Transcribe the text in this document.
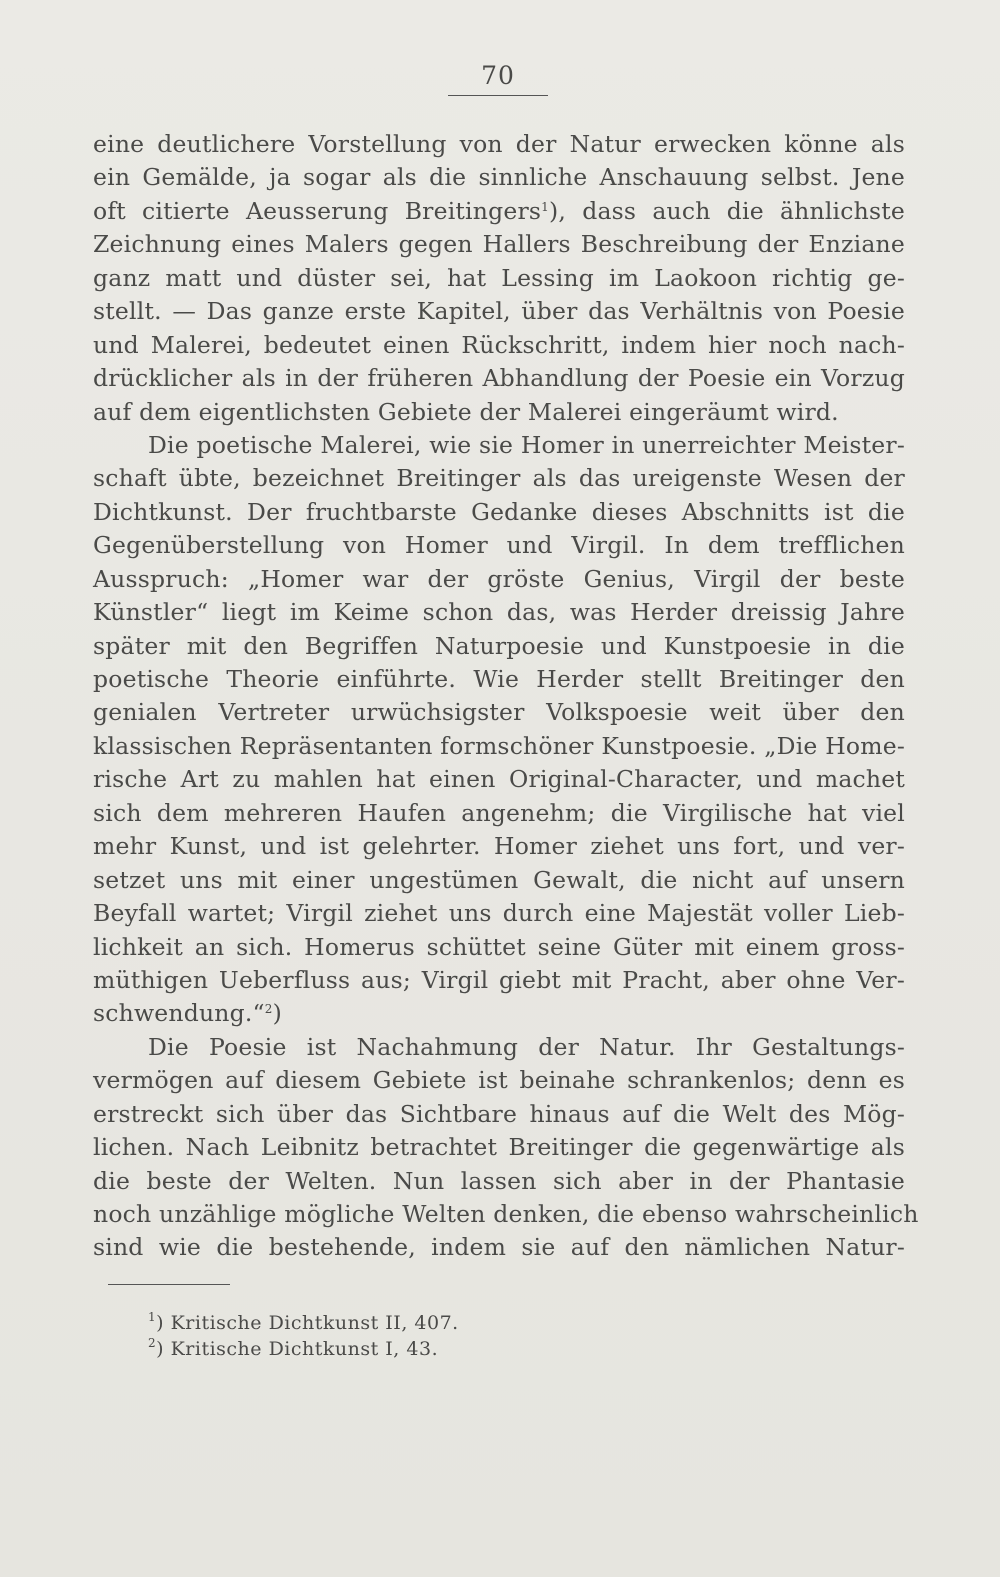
70
eine deutlichere Vorstellung von der Natur erwecken könne als
ein Gemälde, ja sogar als die sinnliche Anschauung selbst. Jene
oft citierte Aeusserung Breitingers$^1$), dass auch die ähnlichste
Zeichnung eines Malers gegen Hallers Beschreibung der Enziane
ganz matt und düster sei, hat Lessing im Laokoon richtig ge-
stellt. — Das ganze erste Kapitel, über das Verhältnis von Poesie
und Malerei, bedeutet einen Rückschritt, indem hier noch nach-
drücklicher als in der früheren Abhandlung der Poesie ein Vorzug
auf dem eigentlichsten Gebiete der Malerei eingeräumt wird.
Die poetische Malerei, wie sie Homer in unerreichter Meister-
schaft übte, bezeichnet Breitinger als das ureigenste Wesen der
Dichtkunst. Der fruchtbarste Gedanke dieses Abschnitts ist die
Gegenüberstellung von Homer und Virgil. In dem trefflichen
Ausspruch: „Homer war der gröste Genius, Virgil der beste
Künstler“ liegt im Keime schon das, was Herder dreissig Jahre
später mit den Begriffen Naturpoesie und Kunstpoesie in die
poetische Theorie einführte. Wie Herder stellt Breitinger den
genialen Vertreter urwüchsigster Volkspoesie weit über den
klassischen Repräsentanten formschöner Kunstpoesie. „Die Home-
rische Art zu mahlen hat einen Original-Character, und machet
sich dem mehreren Haufen angenehm; die Virgilische hat viel
mehr Kunst, und ist gelehrter. Homer ziehet uns fort, und ver-
setzet uns mit einer ungestümen Gewalt, die nicht auf unsern
Beyfall wartet; Virgil ziehet uns durch eine Majestät voller Lieb-
lichkeit an sich. Homerus schüttet seine Güter mit einem gross-
müthigen Ueberfluss aus; Virgil giebt mit Pracht, aber ohne Ver-
schwendung.“$^2$)
Die Poesie ist Nachahmung der Natur. Ihr Gestaltungs-
vermögen auf diesem Gebiete ist beinahe schrankenlos; denn es
erstreckt sich über das Sichtbare hinaus auf die Welt des Mög-
lichen. Nach Leibnitz betrachtet Breitinger die gegenwärtige als
die beste der Welten. Nun lassen sich aber in der Phantasie
noch unzählige mögliche Welten denken, die ebenso wahrscheinlich
sind wie die bestehende, indem sie auf den nämlichen Natur-
$^1$) Kritische Dichtkunst II, 407.
$^2$) Kritische Dichtkunst I, 43.
